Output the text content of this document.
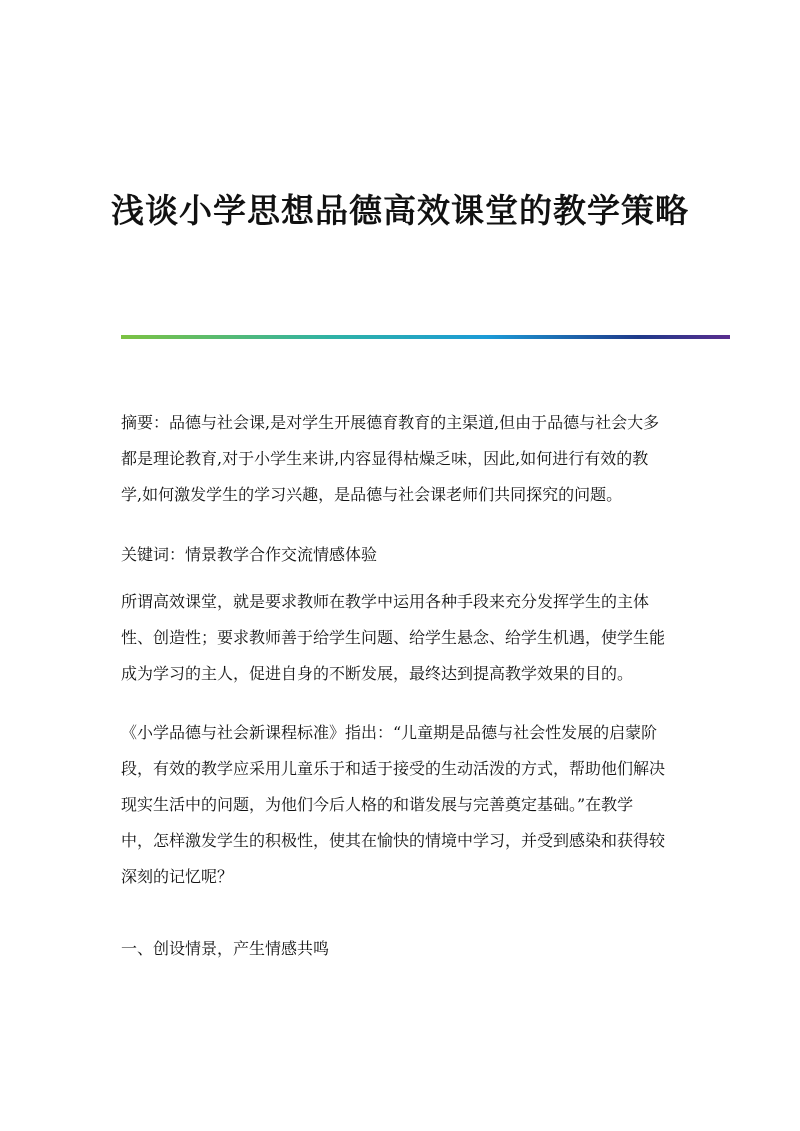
浅谈小学思想品德高效课堂的教学策略
摘要：品德与社会课,是对学生开展德育教育的主渠道,但由于品德与社会大多
都是理论教育,对于小学生来讲,内容显得枯燥乏味，因此,如何进行有效的教
学,如何激发学生的学习兴趣，是品德与社会课老师们共同探究的问题。
关键词：情景教学合作交流情感体验
所谓高效课堂，就是要求教师在教学中运用各种手段来充分发挥学生的主体
性、创造性；要求教师善于给学生问题、给学生悬念、给学生机遇，使学生能
成为学习的主人，促进自身的不断发展，最终达到提高教学效果的目的。
《小学品德与社会新课程标准》指出：“儿童期是品德与社会性发展的启蒙阶
段，有效的教学应采用儿童乐于和适于接受的生动活泼的方式，帮助他们解决
现实生活中的问题，为他们今后人格的和谐发展与完善奠定基础。”在教学
中，怎样激发学生的积极性，使其在愉快的情境中学习，并受到感染和获得较
深刻的记忆呢？
一、创设情景，产生情感共鸣
